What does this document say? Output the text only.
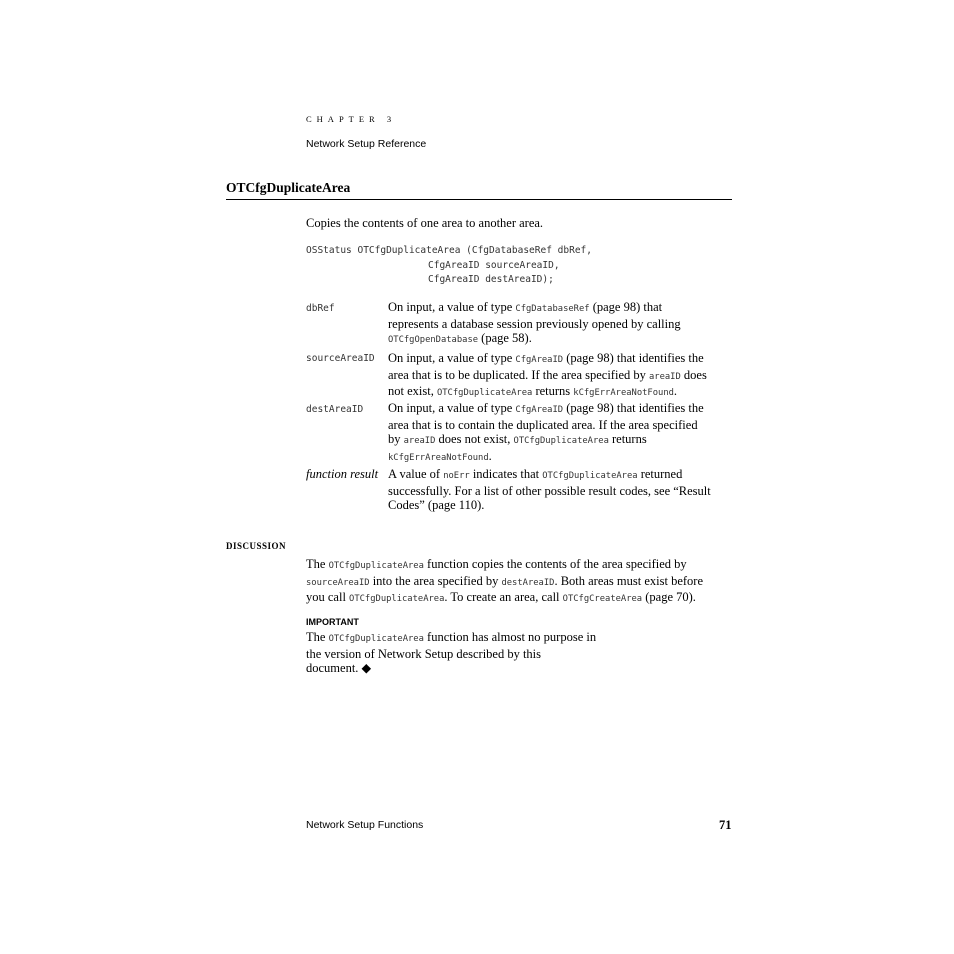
CHAPTER 3
Network Setup Reference
OTCfgDuplicateArea
Copies the contents of one area to another area.
OSStatus OTCfgDuplicateArea (CfgDatabaseRef dbRef,
CfgAreaID sourceAreaID,
CfgAreaID destAreaID);
dbRef	On input, a value of type CfgDatabaseRef (page 98) that
represents a database session previously opened by calling
OTCfgOpenDatabase (page 58).
sourceAreaID On input, a value of type CfgAreaID (page 98) that identifies the
area that is to be duplicated. If the area specified by areaID does
not exist, OTCfgDuplicateArea returns kCfgErrAreaNotFound.
destAreaID On input, a value of type CfgAreaID (page 98) that identifies the
area that is to contain the duplicated area. If the area specified
by areaID does not exist, OTCfgDuplicateArea returns
kCfgErrAreaNotFound.
function result A value of noErr indicates that OTCfgDuplicateArea returned
successfully. For a list of other possible result codes, see “Result
Codes” (page 110).
DISCUSSION
The OTCfgDuplicateArea function copies the contents of the area specified by
sourceAreaID into the area specified by destAreaID. Both areas must exist before
you call OTCfgDuplicateArea. To create an area, call OTCfgCreateArea (page 70).
IMPORTANT
The OTCfgDuplicateArea function has almost no purpose in
the version of Network Setup described by this
document. ◆
Network Setup Functions	71
